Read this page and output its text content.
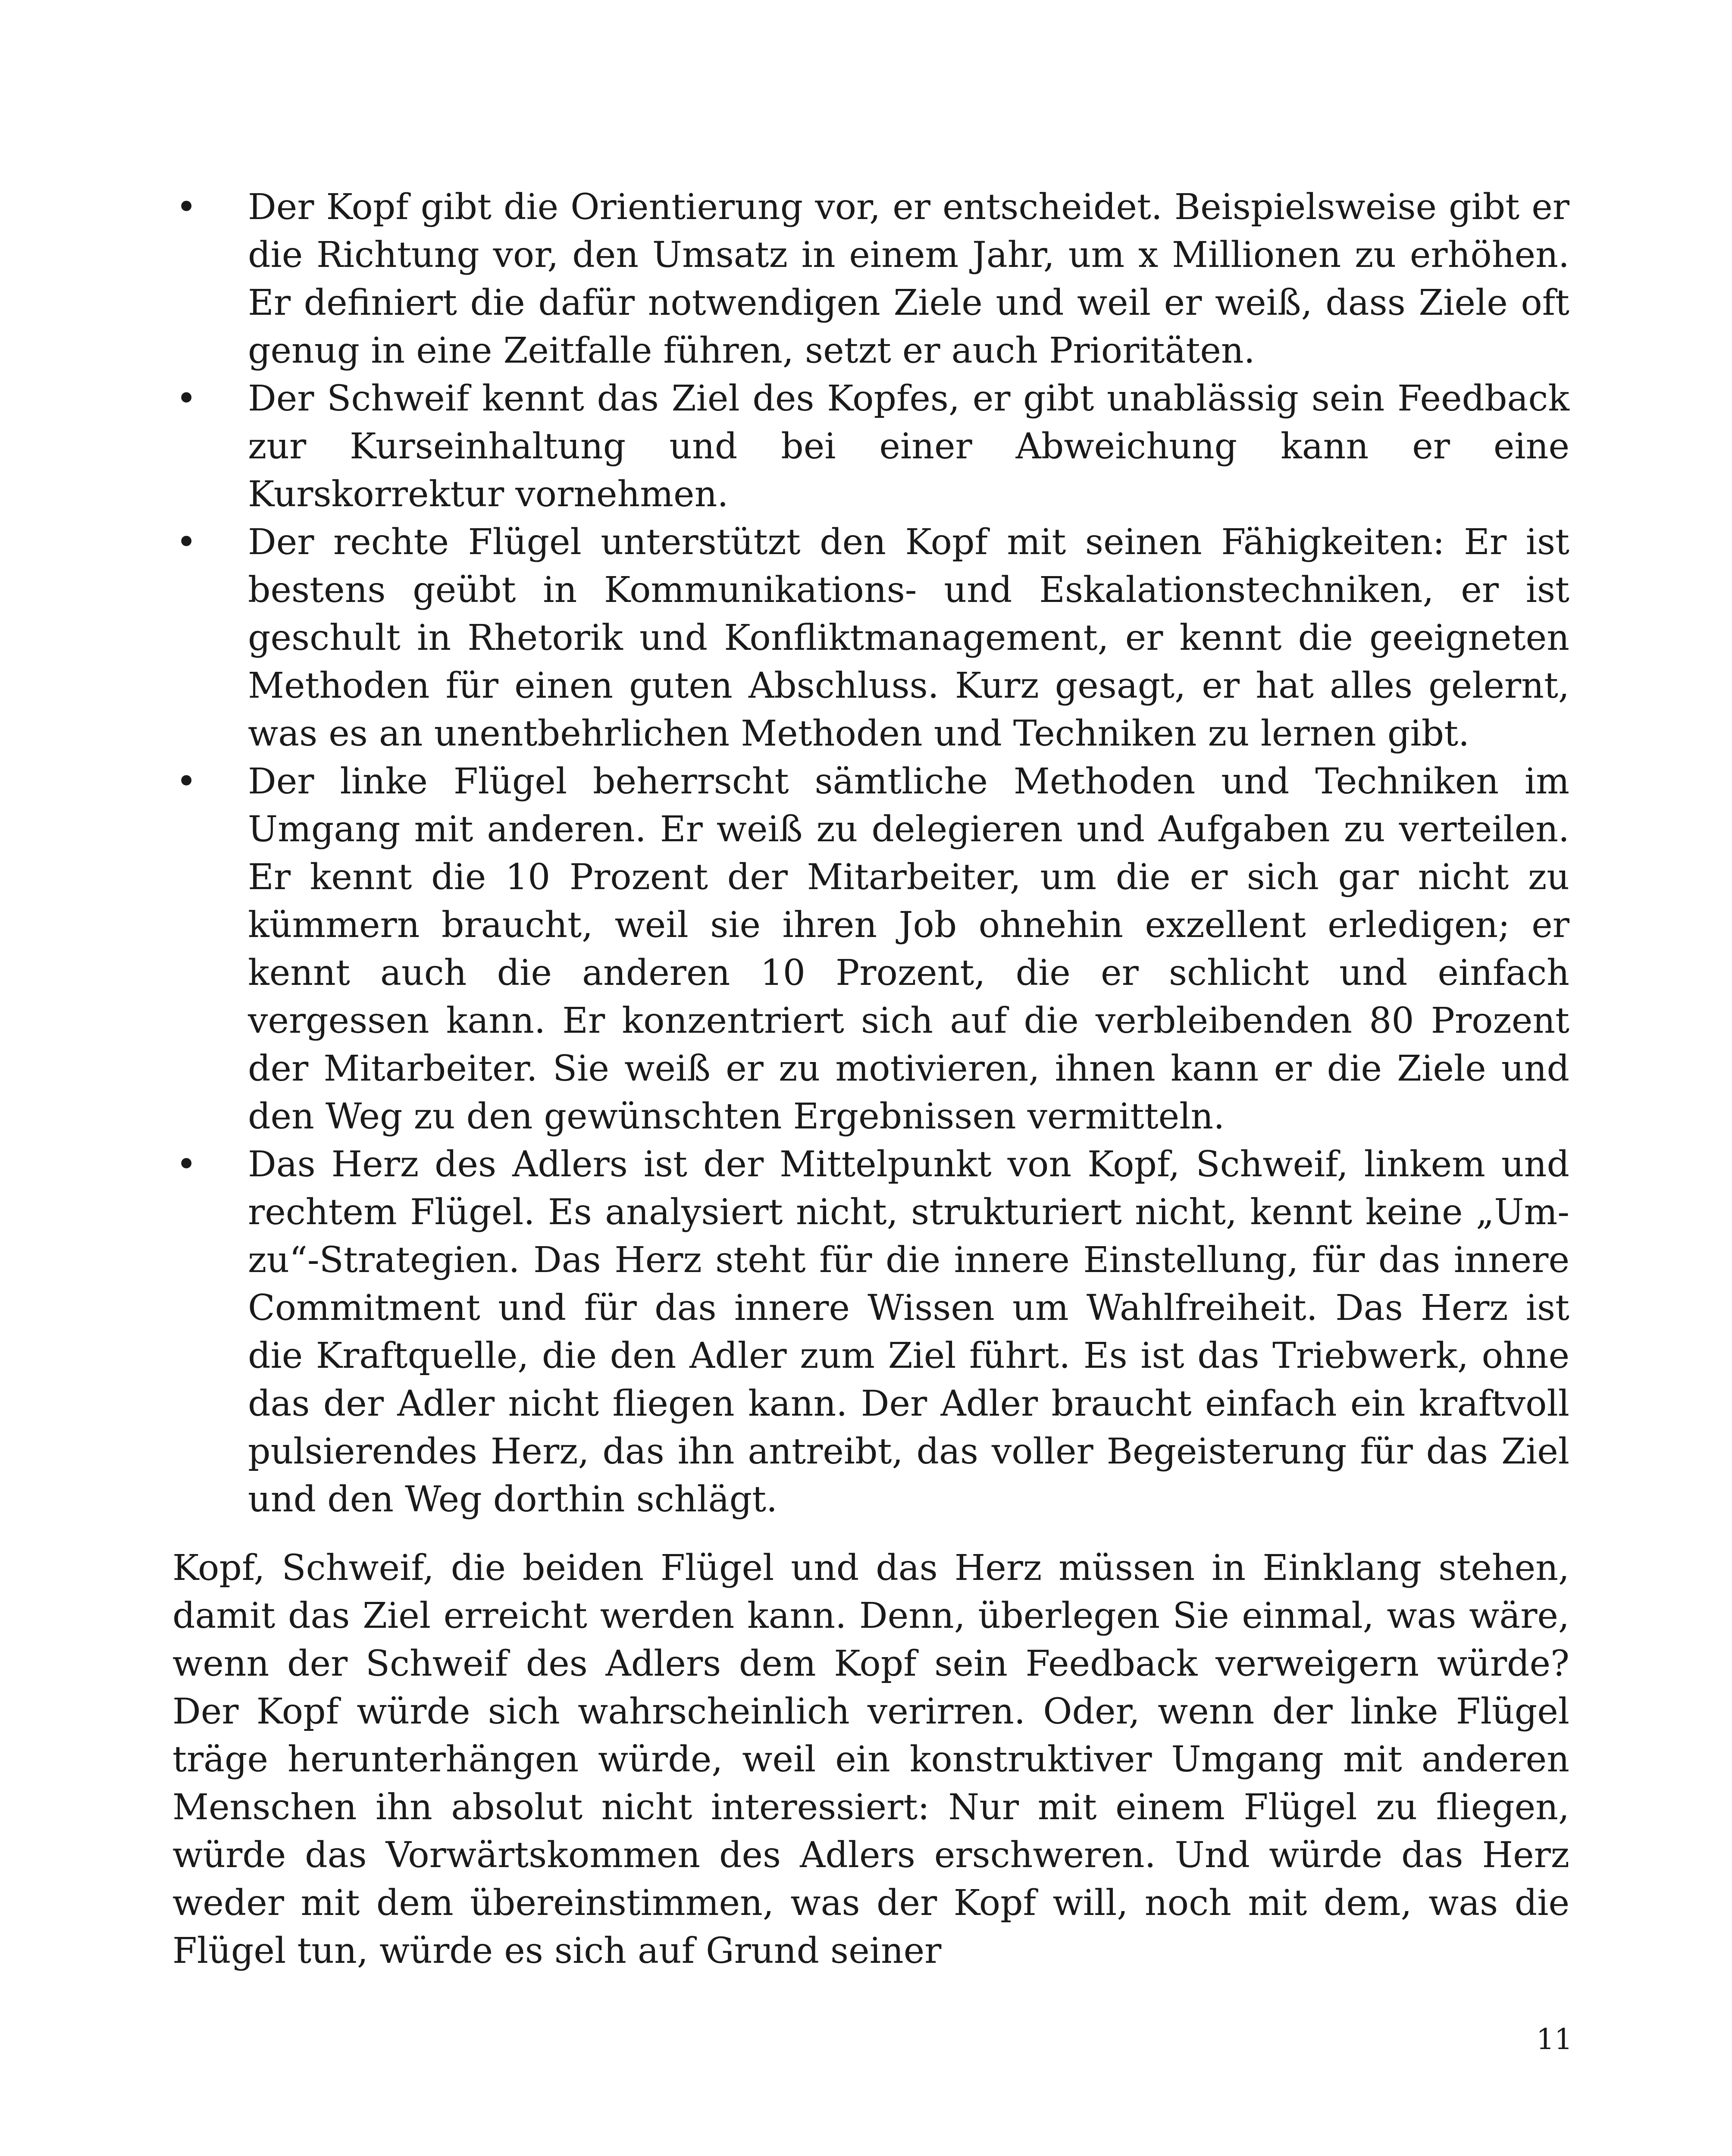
• Der Kopf gibt die Orientierung vor, er entscheidet. Beispielsweise gibt er die Richtung vor, den Umsatz in einem Jahr, um x Millionen zu erhöhen. Er definiert die dafür notwendigen Ziele und weil er weiß, dass Ziele oft genug in eine Zeitfalle führen, setzt er auch Prioritäten.
• Der Schweif kennt das Ziel des Kopfes, er gibt unablässig sein Feedback zur Kurseinhaltung und bei einer Abweichung kann er eine Kurskorrektur vornehmen.
• Der rechte Flügel unterstützt den Kopf mit seinen Fähigkeiten: Er ist bestens geübt in Kommunikations- und Eskalationstechniken, er ist geschult in Rhetorik und Konfliktmanagement, er kennt die geeigneten Methoden für einen guten Abschluss. Kurz gesagt, er hat alles gelernt, was es an unentbehrlichen Methoden und Techniken zu lernen gibt.
• Der linke Flügel beherrscht sämtliche Methoden und Techniken im Umgang mit anderen. Er weiß zu delegieren und Aufgaben zu verteilen. Er kennt die 10 Prozent der Mitarbeiter, um die er sich gar nicht zu kümmern braucht, weil sie ihren Job ohnehin exzellent erledigen; er kennt auch die anderen 10 Prozent, die er schlicht und einfach vergessen kann. Er konzentriert sich auf die verbleibenden 80 Prozent der Mitarbeiter. Sie weiß er zu motivieren, ihnen kann er die Ziele und den Weg zu den gewünschten Ergebnissen vermitteln.
• Das Herz des Adlers ist der Mittelpunkt von Kopf, Schweif, linkem und rechtem Flügel. Es analysiert nicht, strukturiert nicht, kennt keine „Um-zu“-Strategien. Das Herz steht für die innere Einstellung, für das innere Commitment und für das innere Wissen um Wahlfreiheit. Das Herz ist die Kraftquelle, die den Adler zum Ziel führt. Es ist das Triebwerk, ohne das der Adler nicht fliegen kann. Der Adler braucht einfach ein kraftvoll pulsierendes Herz, das ihn antreibt, das voller Begeisterung für das Ziel und den Weg dorthin schlägt.

Kopf, Schweif, die beiden Flügel und das Herz müssen in Einklang stehen, damit das Ziel erreicht werden kann. Denn, überlegen Sie einmal, was wäre, wenn der Schweif des Adlers dem Kopf sein Feedback verweigern würde? Der Kopf würde sich wahrscheinlich verirren. Oder, wenn der linke Flügel träge herunterhängen würde, weil ein konstruktiver Umgang mit anderen Menschen ihn absolut nicht interessiert: Nur mit einem Flügel zu fliegen, würde das Vorwärtskommen des Adlers erschweren. Und würde das Herz weder mit dem übereinstimmen, was der Kopf will, noch mit dem, was die Flügel tun, würde es sich auf Grund seiner

11
